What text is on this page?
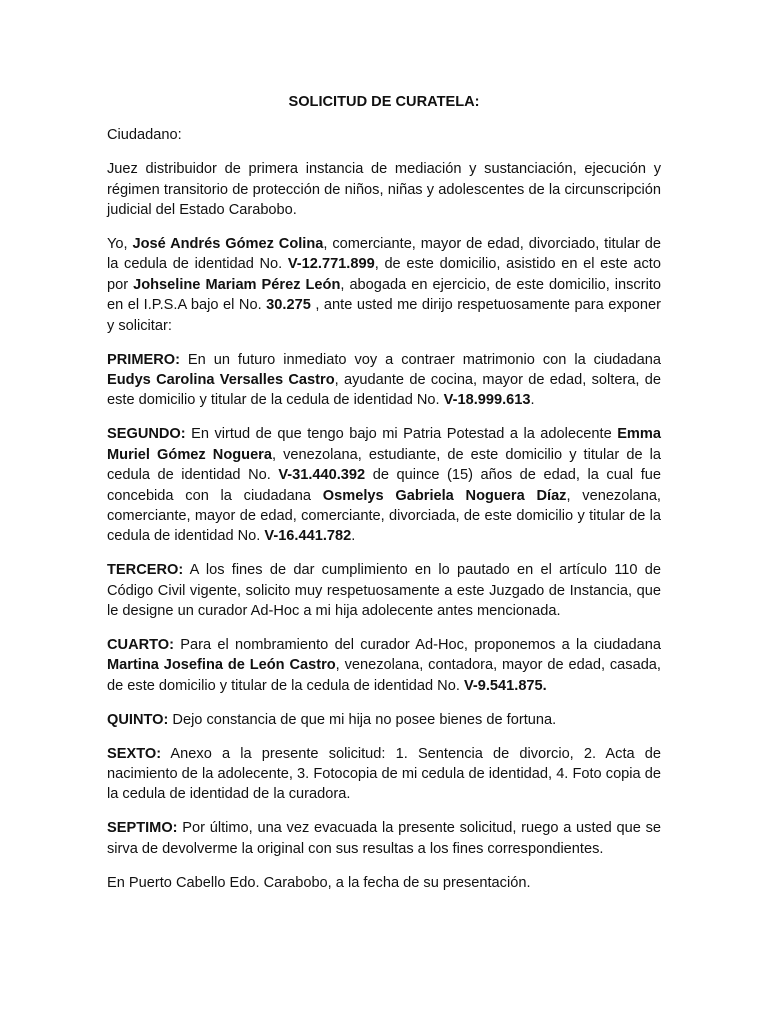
SOLICITUD DE CURATELA:

Ciudadano:

Juez distribuidor de primera instancia de mediación y sustanciación, ejecución y régimen transitorio de protección de niños, niñas y adolescentes de la circunscripción judicial del Estado Carabobo.

Yo, José Andrés Gómez Colina, comerciante, mayor de edad, divorciado, titular de la cedula de identidad No. V-12.771.899, de este domicilio, asistido en el este acto por Johseline Mariam Pérez León, abogada en ejercicio, de este domicilio, inscrito en el I.P.S.A bajo el No. 30.275 , ante usted me dirijo respetuosamente para exponer y solicitar:

PRIMERO: En un futuro inmediato voy a contraer matrimonio con la ciudadana Eudys Carolina Versalles Castro, ayudante de cocina, mayor de edad, soltera, de este domicilio y titular de la cedula de identidad No. V-18.999.613.

SEGUNDO: En virtud de que tengo bajo mi Patria Potestad a la adolecente Emma Muriel Gómez Noguera, venezolana, estudiante, de este domicilio y titular de la cedula de identidad No. V-31.440.392 de quince (15) años de edad, la cual fue concebida con la ciudadana Osmelys Gabriela Noguera Díaz, venezolana, comerciante, mayor de edad, comerciante, divorciada, de este domicilio y titular de la cedula de identidad No. V-16.441.782.

TERCERO: A los fines de dar cumplimiento en lo pautado en el artículo 110 de Código Civil vigente, solicito muy respetuosamente a este Juzgado de Instancia, que le designe un curador Ad-Hoc a mi hija adolecente antes mencionada.

CUARTO: Para el nombramiento del curador Ad-Hoc, proponemos a la ciudadana Martina Josefina de León Castro, venezolana, contadora, mayor de edad, casada, de este domicilio y titular de la cedula de identidad No. V-9.541.875.

QUINTO: Dejo constancia de que mi hija no posee bienes de fortuna.

SEXTO: Anexo a la presente solicitud: 1. Sentencia de divorcio, 2. Acta de nacimiento de la adolecente, 3. Fotocopia de mi cedula de identidad, 4. Foto copia de la cedula de identidad de la curadora.

SEPTIMO: Por último, una vez evacuada la presente solicitud, ruego a usted que se sirva de devolverme la original con sus resultas a los fines correspondientes.

En Puerto Cabello Edo. Carabobo, a la fecha de su presentación.
